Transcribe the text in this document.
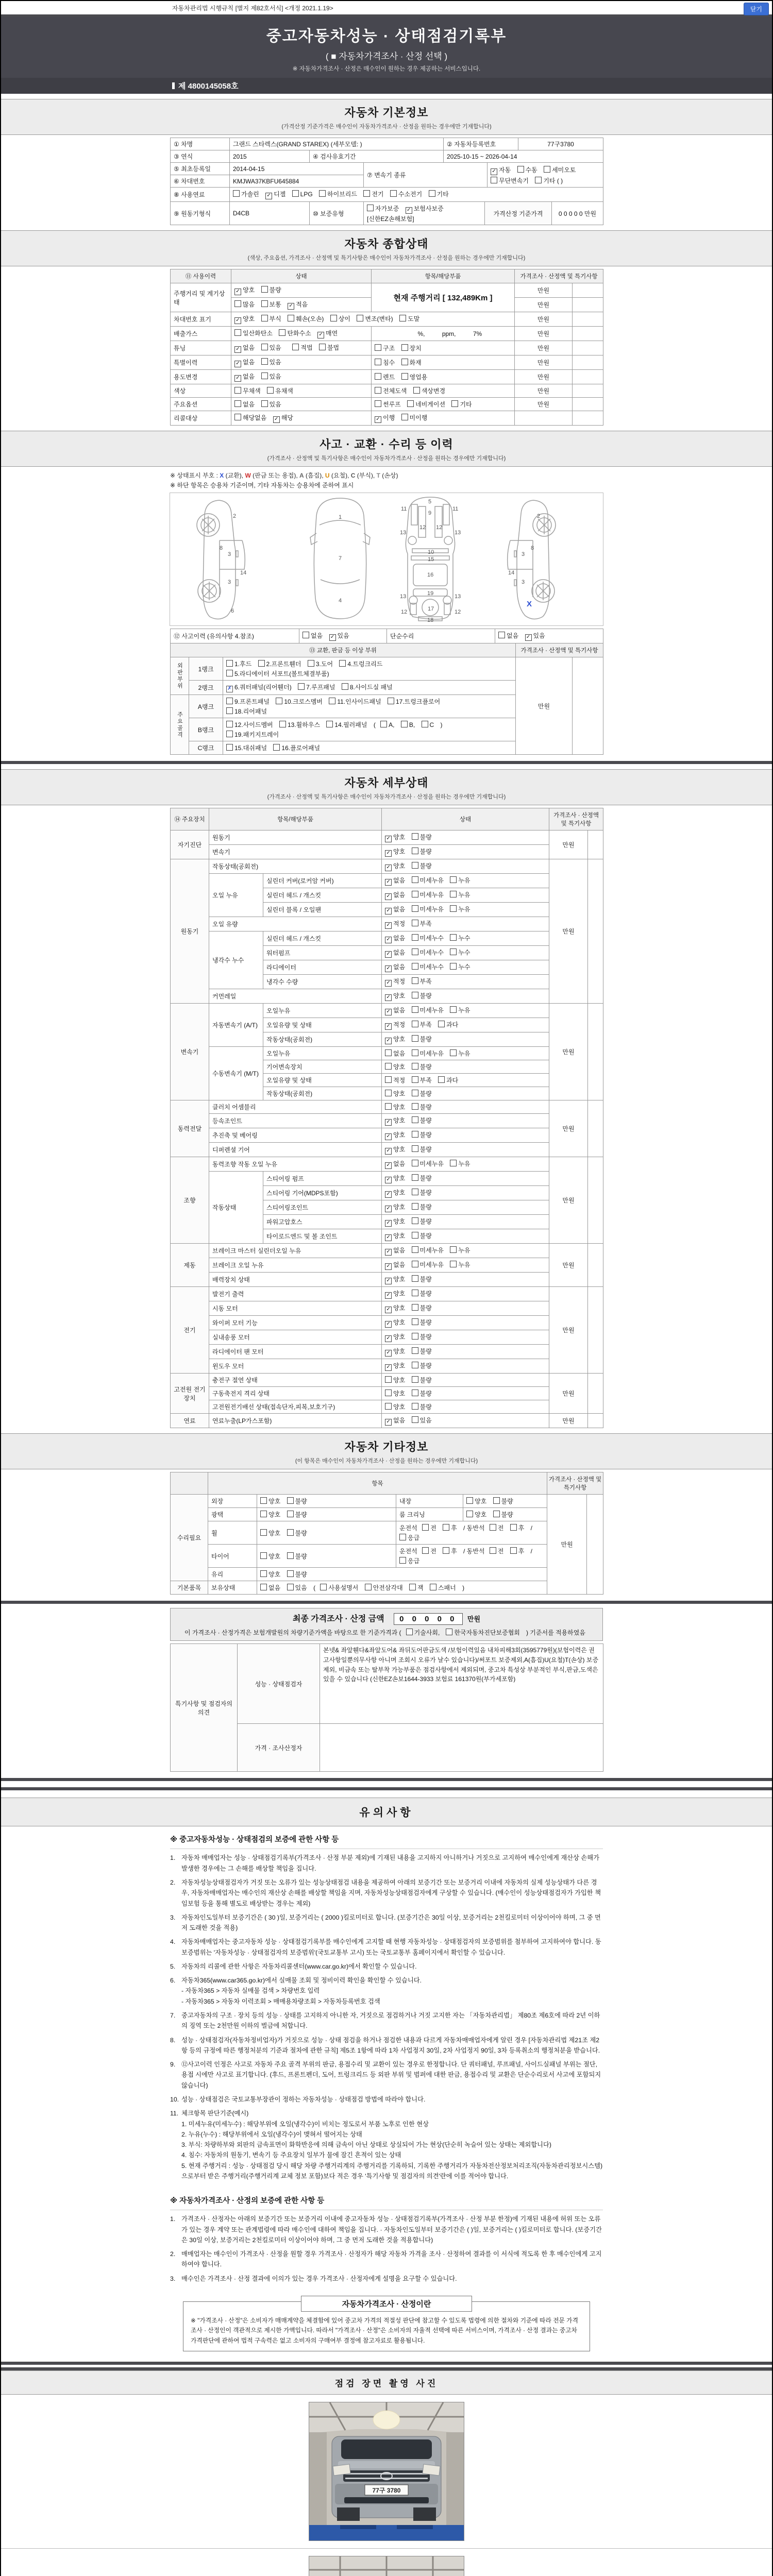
자동차관리법 시행규칙 [별지 제82호서식] <개정 2021.1.19>	닫기
중고자동차성능 · 상태점검기록부
( ■ 자동차가격조사 · 산정 선택 )
※ 자동차가격조사 · 산정은 매수인이 원하는 경우 제공하는 서비스입니다.
제 4800145058호
자동차 기본정보
(가격산정 기준가격은 매수인이 자동차가격조사 · 산정을 원하는 경우에만 기재합니다)
① 차명	그랜드 스타렉스(GRAND STAREX) (세부모델: )	② 자동차등록번호	77구3780
③ 연식	2015	④ 검사유효기간	2025-10-15 ~ 2026-04-14
⑤ 최초등록일	2014-04-15	⑦ 변속기 종류	✓ 자동 수동 세미오토
무단변속기 기타 ( )
⑥ 차대번호	KMJWA37KBFU645884		
⑧ 사용연료	가솔린 ✓ 디젤 LPG 하이브리드 전기 수소전기 기타
⑨ 원동기형식	D4CB	⑩ 보증유형	자가보증 ✓ 보험사보증 [신한EZ손해보험]	가격산정 기준가격	0 0 0 0 0 만원
자동차 종합상태
(색상, 주요옵션, 가격조사 · 산정액 및 특기사항은 매수인이 자동차가격조사 · 산정을 원하는 경우에만 기재합니다)
⑪ 사용이력	상태	항목/해당부품	가격조사 · 산정액 및 특기사항	
주행거리 및 계기상태	✓ 양호 불량	현재 주행거리 [ 132,489Km ]	만원	
	많음 보통 ✓ 적음		만원	
차대번호 표기	✓ 양호 부식 훼손(오손) 상이 변조(변타) 도말		만원	
배출가스	일산화탄소 탄화수소 ✓ 매연	%,          ppm,          7%	만원	
튜닝	✓ 없음 있음 적법 불법	구조 장치	만원	
특별이력	✓ 없음 있음	침수 화재	만원	
용도변경	✓ 없음 있음	렌트 영업용	만원	
색상	무채색 유채색	전체도색 색상변경	만원	
주요옵션	없음 있음	썬루프 네비게이션 기타	만원	
리콜대상	해당없음 ✓ 해당	✓ 이행 미이행		
사고 · 교환 · 수리 등 이력
(가격조사 · 산정액 및 특기사항은 매수인이 자동차가격조사 · 산정을 원하는 경우에만 기재합니다)
※ 상태표시 부호 : X (교환), W (판금 또는 용접), A (흠집), U (요철), C (부식), T (손상)
※ 하단 항목은 승용차 기준이며, 기타 자동차는 승용차에 준하여 표시
2
8
3
3
14
6
1
7
4
5
9
11	11
13	13
12 12
10
15
16
19
13	13
12	12
18
17
2
8
3
3
14
X
⑫ 사고이력 (유의사항 4.참조)	없음 ✓ 있음	단순수리	없음 ✓ 있음
⑬ 교환, 판금 등 이상 부위			가격조사 · 산정액 및 특기사항	
외판부위	1랭크	1.후드 2.프론트휀더 3.도어 4.트렁크리드
5.라디에이터 서포트(볼트체결부품)	만원	
	2랭크	✗ 6.쿼터패널(리어휀더) 7.루프패널 8.사이드실 패널		
주요골격	A랭크	9.프론트패널 10.크로스멤버 11.인사이드패널 17.트렁크플로어
18.리어패널		
	B랭크	12.사이드멤버 13.휠하우스 14.필러패널 ( A, B, C )
19.패키지트레이		
	C랭크	15.대쉬패널 16.플로어패널		
자동차 세부상태
(가격조사 · 산정액 및 특기사항은 매수인이 자동차가격조사 · 산정을 원하는 경우에만 기재합니다)
⑭ 주요장치	항목/해당부품		상태	가격조사 · 산정액 및 특기사항	
자기진단	원동기		✓ 양호 불량	만원	
	변속기		✓ 양호 불량		
원동기	작동상태(공회전)		✓ 양호 불량	만원	
	오일 누유	실린더 커버(로커암 커버)	✓ 없음 미세누유 누유		
		실린더 헤드 / 개스킷	✓ 없음 미세누유 누유		
		실린더 블록 / 오일팬	✓ 없음 미세누유 누유		
	오일 유량		✓ 적정 부족		
	냉각수 누수	실린더 헤드 / 개스킷	✓ 없음 미세누수 누수		
		워터펌프	✓ 없음 미세누수 누수		
		라디에이터	✓ 없음 미세누수 누수		
		냉각수 수량	✓ 적정 부족		
	커먼레일		✓ 양호 불량		
변속기	자동변속기 (A/T)	오일누유	✓ 없음 미세누유 누유	만원	
		오일유량 및 상태	✓ 적정 부족 과다		
		작동상태(공회전)	✓ 양호 불량		
	수동변속기 (M/T)	오일누유	없음 미세누유 누유		
		기어변속장치	양호 불량		
		오일유량 및 상태	적정 부족 과다		
		작동상태(공회전)	양호 불량		
동력전달	클러치 어셈블리		양호 불량	만원	
	등속조인트		✓ 양호 불량		
	추진축 및 베어링		✓ 양호 불량		
	디퍼렌셜 기어		✓ 양호 불량		
조향	동력조향 작동 오일 누유		✓ 없음 미세누유 누유	만원	
	작동상태	스티어링 펌프	✓ 양호 불량		
		스티어링 기어(MDPS포함)	✓ 양호 불량		
		스티어링조인트	✓ 양호 불량		
		파워고압호스	✓ 양호 불량		
		타이로드엔드 및 볼 조인트	✓ 양호 불량		
제동	브레이크 마스터 실린더오일 누유		✓ 없음 미세누유 누유	만원	
	브레이크 오일 누유		✓ 없음 미세누유 누유		
	배력장치 상태		✓ 양호 불량		
전기	발전기 출력		✓ 양호 불량	만원	
	시동 모터		✓ 양호 불량		
	와이퍼 모터 기능		✓ 양호 불량		
	실내송풍 모터		✓ 양호 불량		
	라디에이터 팬 모터		✓ 양호 불량		
	윈도우 모터		✓ 양호 불량		
고전원 전기장치	충전구 절연 상태		양호 불량	만원	
	구동축전지 격리 상태		양호 불량		
	고전원전기배선 상태(접속단자,피복,보호기구)		양호 불량		
연료	연료누출(LP가스포함)		✓ 없음 있음	만원	
자동차 기타정보
(이 항목은 매수인이 자동차가격조사 · 산정을 원하는 경우에만 기재합니다)
	항목				가격조사 · 산정액 및 특기사항	
수리필요	외장	양호 불량	내장	양호 불량	만원	
	광택	양호 불량	룸 크리닝	양호 불량		
	휠	양호 불량	운전석 전 후 / 동반석 전 후 / 응급			
	타이어	양호 불량	운전석 전 후 / 동반석 전 후 / 응급			
	유리	양호 불량				
기본품목	보유상태	없음 있음 ( 사용설명서 안전삼각대 잭 스패너 )				
최종 가격조사 · 산정 금액 0 0 0 0 0 만원
이 가격조사 · 산정가격은 보험개발원의 차량기준가액을 바탕으로 한 기준가격과 ( 기술사회, 한국자동차진단보증협회 ) 기준서를 적용하였음
특기사항 및 점검자의 의견	성능 · 상태점검자	본넷& 좌앞휀다&좌앞도어& 좌뒤도어판금도색 /보험이력있음 내차피해3회(3595779원)(보험이력은 권고사항일뿐의무사항 아니며 조회시 오류가 날수 있습니다)/써포트 보증제외,A(흠집)U(요철)T(손상) 보증제외, 비금속 또는 탈부착 가능부품은 점검사항에서 제외되며, 중고차 특성상 부분적인 부식,판금,도색은 있을 수 있습니다 (신한EZ손보1644-3933 보험료 161370원(부가세포함)
	가격 · 조사산정자	
유의사항
※ 중고자동차성능 · 상태점검의 보증에 관한 사항 등
1. 자동차 매매업자는 성능 · 상태점검기록부(가격조사 · 산정 부분 제외)에 기재된 내용을 고지하지 아니하거나 거짓으로 고지하여 매수인에게 재산상 손해가 발생한 경우에는 그 손해를 배상할 책임을 집니다.
2. 자동차성능상태점검자가 거짓 또는 오류가 있는 성능상태점검 내용을 제공하여 아래의 보증기간 또는 보증거리 이내에 자동차의 실제 성능상태가 다른 경우, 자동차매매업자는 매수인의 재산상 손해를 배상할 책임을 지며, 자동차성능상태점검자에게 구상할 수 있습니다. (매수인이 성능상태점검자가 가입한 책임보험 등을 통해 별도로 배상받는 경우는 제외)
3. 자동차인도일부터 보증기간은 ( 30 )일, 보증거리는 ( 2000 )킬로미터로 합니다. (보증기간은 30일 이상, 보증거리는 2천킬로미터 이상이어야 하며, 그 중 먼저 도래한 것을 적용)
4. 자동차매매업자는 중고자동차 성능 · 상태점검기록부를 매수인에게 고지할 때 현행 자동차성능 · 상태점검자의 보증범위를 첨부하여 고지하여야 합니다. 동 보증범위는 '자동차성능 · 상태점검자의 보증범위'(국토교통부 고시) 또는 국토교통부 홈페이지에서 확인할 수 있습니다.
5. 자동차의 리콜에 관한 사항은 자동차리콜센터(www.car.go.kr)에서 확인할 수 있습니다.
6. 자동차365(www.car365.go.kr)에서 실매물 조회 및 정비이력 확인을 확인할 수 있습니다.
- 자동차365 > 자동차 실매물 검색 > 차량번호 입력
- 자동차365 > 자동차 이력조회 > 매매용차량조회 > 자동차등록번호 검색
7. 중고자동차의 구조 · 장치 등의 성능 · 상태를 고지하지 아니한 자, 거짓으로 점검하거나 거짓 고지한 자는 「자동차관리법」 제80조 제6호에 따라 2년 이하의 징역 또는 2천만원 이하의 벌금에 처합니다.
8. 성능 · 상태점검자(자동차정비업자)가 거짓으로 성능 · 상태 점검을 하거나 점검한 내용과 다르게 자동차매매업자에게 알린 경우 [자동차관리법 제21조 제2항 등의 규정에 따른 행정처분의 기준과 절차에 관한 규칙] 제5조 1항에 따라 1차 사업정지 30일, 2차 사업정지 90일, 3차 등록취소의 행정처분을 받습니다.
9. ⑫사고이력 인정은 사고로 자동차 주요 골격 부위의 판금, 용접수리 및 교환이 있는 경우로 한정합니다. 단 쿼터패널, 루프패널, 사이드실패널 부위는 절단, 용접 시에만 사고로 표기합니다. (후드, 프론트펜더, 도어, 트렁크리드 등 외판 부위 및 범퍼에 대한 판금, 용접수리 및 교환은 단순수리로서 사고에 포함되지 않습니다)
10. 성능 · 상태점검은 국토교통부장관이 정하는 자동차성능 · 상태점검 방법에 따라야 합니다.
11. 체크항목 판단기준(예시)
1. 미세누유(미세누수) : 해당부위에 오일(냉각수)이 비치는 정도로서 부품 노후로 인한 현상
2. 누유(누수) : 해당부위에서 오일(냉각수)이 맺혀서 떨어지는 상태
3. 부식: 차량하부와 외판의 금속표면이 화학반응에 의해 금속이 아닌 상태로 상실되어 가는 현상(단순히 녹슬어 있는 상태는 제외합니다)
4. 침수: 자동차의 원동기, 변속기 등 주요장치 일부가 물에 잠긴 흔적이 있는 상태
5. 현재 주행거리 : 성능 · 상태점검 당시 해당 차량 주행거리계의 주행거리를 기록하되, 기록한 주행거리가 자동차전산정보처리조직(자동차관리정보시스템)으로부터 받은 주행거리(주행거리계 교체 정보 포함)보다 적은 경우 '특기사항 및 점검자의 의견'란에 이를 적어야 합니다.
※ 자동차가격조사 · 산정의 보증에 관한 사항 등
1. 가격조사 · 산정자는 아래의 보증기간 또는 보증거리 이내에 중고자동차 성능 · 상태점검기록부(가격조사 · 산정 부분 한정)에 기재된 내용에 허위 또는 오류가 있는 경우 계약 또는 관계법령에 따라 매수인에 대하여 책임을 집니다. · 자동차인도일부터 보증기간은 ( )일, 보증거리는 ( )킬로미터로 합니다. (보증기간은 30일 이상, 보증거리는 2천킬로미터 이상이어야 하며, 그 중 먼저 도래한 것을 적용합니다)
2. 매매업자는 매수인이 가격조사 · 산정을 원할 경우 가격조사 · 산정자가 해당 자동차 가격을 조사 · 산정하여 결과를 이 서식에 적도록 한 후 매수인에게 고지하여야 합니다.
3. 매수인은 가격조사 · 산정 결과에 이의가 있는 경우 가격조사 · 산정자에게 설명을 요구할 수 있습니다.
자동차가격조사 · 산정이란
※ "가격조사 · 산정"은 소비자가 매매계약을 체결함에 있어 중고차 가격의 적절성 판단에 참고할 수 있도록 법령에 의한 절차와 기준에 따라 전문 가격조사 · 산정인이 객관적으로 제시한 가액입니다. 따라서 "가격조사 · 산정"은 소비자의 자율적 선택에 따른 서비스이며, 가격조사 · 산정 결과는 중고차 가격판단에 관하여 법적 구속력은 없고 소비자의 구매여부 결정에 참고자료로 활용됩니다.
점검 장면 촬영 사진
77구 3780
